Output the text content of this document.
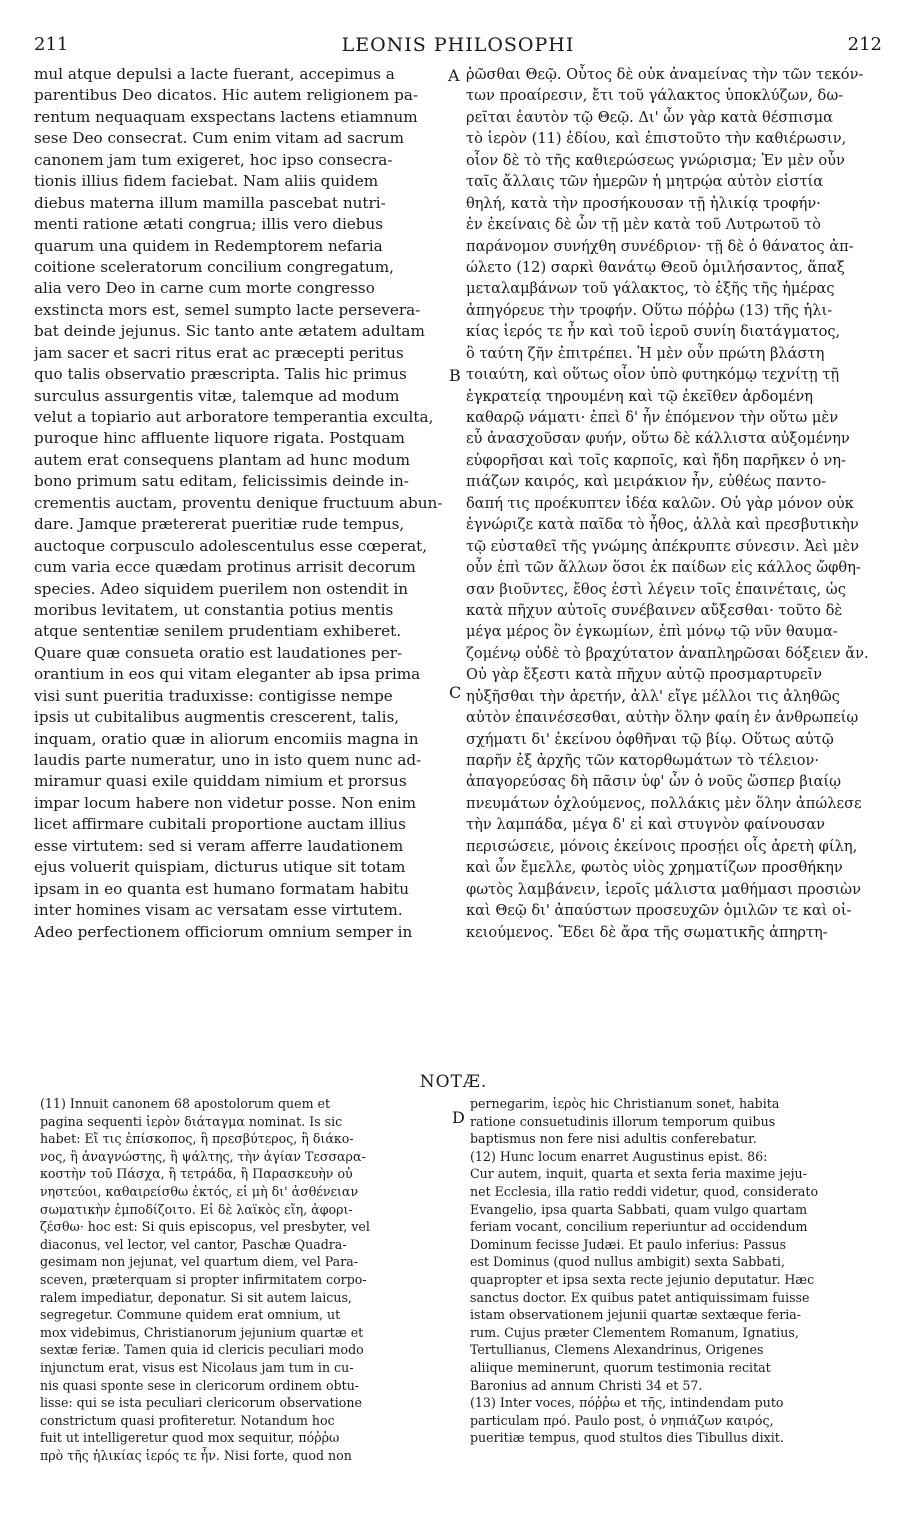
211	LEONIS PHILOSOPHI	212

mul atque depulsi a lacte fuerant, accepimus a

parentibus Deo dicatos. Hic autem religionem pa-

rentum nequaquam exspectans lactens etiamnum

sese Deo consecrat. Cum enim vitam ad sacrum

canonem jam tum exigeret, hoc ipso consecra-

tionis illius fidem faciebat. Nam aliis quidem

diebus materna illum mamilla pascebat nutri-

menti ratione ætati congrua; illis vero diebus

quarum una quidem in Redemptorem nefaria

coitione sceleratorum concilium congregatum,

alia vero Deo in carne cum morte congresso

exstincta mors est, semel sumpto lacte persevera-

bat deinde jejunus. Sic tanto ante ætatem adultam

jam sacer et sacri ritus erat ac præcepti peritus

quo talis observatio præscripta. Talis hic primus

surculus assurgentis vitæ, talemque ad modum

velut a topiario aut arboratore temperantia exculta,

puroque hinc affluente liquore rigata. Postquam

autem erat consequens plantam ad hunc modum

bono primum satu editam, felicissimis deinde in-

crementis auctam, proventu denique fructuum abun-

dare. Jamque prætererat pueritiæ rude tempus,

auctoque corpusculo adolescentulus esse cœperat,

cum varia ecce quædam protinus arrisit decorum

species. Adeo siquidem puerilem non ostendit in

moribus levitatem, ut constantia potius mentis

atque sententiæ senilem prudentiam exhiberet.

Quare quæ consueta oratio est laudationes per-

orantium in eos qui vitam eleganter ab ipsa prima

visi sunt pueritia traduxisse: contigisse nempe

ipsis ut cubitalibus augmentis crescerent, talis,

inquam, oratio quæ in aliorum encomiis magna in

laudis parte numeratur, uno in isto quem nunc ad-

miramur quasi exile quiddam nimium et prorsus

impar locum habere non videtur posse. Non enim

licet affirmare cubitali proportione auctam illius

esse virtutem: sed si veram afferre laudationem

ejus voluerit quispiam, dicturus utique sit totam

ipsam in eo quanta est humano formatam habitu

inter homines visam ac versatam esse virtutem.

Adeo perfectionem officiorum omnium semper in

A
B
C
D

ῥῶσθαι Θεῷ. Οὗτος δὲ οὐκ ἀναμείνας τὴν τῶν τεκόν-

των προαίρεσιν, ἔτι τοῦ γάλακτος ὑποκλύζων, δω-

ρεῖται ἑαυτὸν τῷ Θεῷ. Δι' ὧν γὰρ κατὰ θέσπισμα

τὸ ἱερὸν (11) ἐδίου, καὶ ἐπιστοῦτο τὴν καθιέρωσιν,

οἷον δὲ τὸ τῆς καθιερώσεως γνώρισμα; Ἐν μὲν οὖν

ταῖς ἄλλαις τῶν ἡμερῶν ἡ μητρῴα αὐτὸν εἱστία

θηλή, κατὰ τὴν προσήκουσαν τῇ ἡλικίᾳ τροφήν·

ἐν ἐκείναις δὲ ὧν τῇ μὲν κατὰ τοῦ Λυτρωτοῦ τὸ

παράνομον συνήχθη συνέδριον· τῇ δὲ ὁ θάνατος ἀπ-

ώλετο (12) σαρκὶ θανάτῳ Θεοῦ ὁμιλήσαντος, ἅπαξ

μεταλαμβάνων τοῦ γάλακτος, τὸ ἑξῆς τῆς ἡμέρας

ἀπηγόρευε τὴν τροφήν. Οὕτω πόῤῥω (13) τῆς ἡλι-

κίας ἱερός τε ἦν καὶ τοῦ ἱεροῦ συνίη διατάγματος,

ὃ ταύτη ζῆν ἐπιτρέπει. Ἡ μὲν οὖν πρώτη βλάστη

τοιαύτη, καὶ οὕτως οἷον ὑπὸ φυτηκόμῳ τεχνίτῃ τῇ

ἐγκρατείᾳ τηρουμένη καὶ τῷ ἐκεῖθεν ἀρδομένη

καθαρῷ νάματι· ἐπεὶ δ' ἦν ἑπόμενον τὴν οὕτω μὲν

εὖ ἀνασχοῦσαν φυήν, οὕτω δὲ κάλλιστα αὐξομένην

εὐφορῆσαι καὶ τοῖς καρποῖς, καὶ ἤδη παρῆκεν ὁ νη-

πιάζων καιρός, καὶ μειράκιον ἦν, εὐθέως παντο-

δαπή τις προέκυπτεν ἰδέα καλῶν. Οὐ γὰρ μόνον οὐκ

ἐγνώριζε κατὰ παῖδα τὸ ἦθος, ἀλλὰ καὶ πρεσβυτικὴν

τῷ εὐσταθεῖ τῆς γνώμης ἀπέκρυπτε σύνεσιν. Ἀεὶ μὲν

οὖν ἐπὶ τῶν ἄλλων ὅσοι ἐκ παίδων εἰς κάλλος ὤφθη-

σαν βιοῦντες, ἔθος ἐστὶ λέγειν τοῖς ἐπαινέταις, ὡς

κατὰ πῆχυν αὐτοῖς συνέβαινεν αὔξεσθαι· τοῦτο δὲ

μέγα μέρος ὂν ἐγκωμίων, ἐπὶ μόνῳ τῷ νῦν θαυμα-

ζομένῳ οὐδὲ τὸ βραχύτατον ἀναπληρῶσαι δόξειεν ἄν.

Οὐ γὰρ ἔξεστι κατὰ πῆχυν αὐτῷ προσμαρτυρεῖν

ηὐξῆσθαι τὴν ἀρετήν, ἀλλ' εἴγε μέλλοι τις ἀληθῶς

αὐτὸν ἐπαινέσεσθαι, αὐτὴν ὅλην φαίη ἐν ἀνθρωπείῳ

σχήματι δι' ἐκείνου ὀφθῆναι τῷ βίῳ. Οὕτως αὐτῷ

παρῆν ἐξ ἀρχῆς τῶν κατορθωμάτων τὸ τέλειον·

ἀπαγορεύσας δὴ πᾶσιν ὑφ' ὧν ὁ νοῦς ὥσπερ βιαίῳ

πνευμάτων ὀχλούμενος, πολλάκις μὲν ὅλην ἀπώλεσε

τὴν λαμπάδα, μέγα δ' εἰ καὶ στυγνὸν φαίνουσαν

περισώσειε, μόνοις ἐκείνοις προσῄει οἷς ἀρετὴ φίλη,

καὶ ὧν ἔμελλε, φωτὸς υἱὸς χρηματίζων προσθήκην

φωτὸς λαμβάνειν, ἱεροῖς μάλιστα μαθήμασι προσιὼν

καὶ Θεῷ δι' ἀπαύστων προσευχῶν ὁμιλῶν τε καὶ οἰ-

κειούμενος. Ἔδει δὲ ἄρα τῆς σωματικῆς ἀπηρτη-

NOTÆ.

(11) Innuit canonem 68 apostolorum quem et

pagina sequenti ἱερὸν διάταγμα nominat. Is sic

habet: Εἴ τις ἐπίσκοπος, ἢ πρεσβύτερος, ἢ διάκο-

νος, ἢ ἀναγνώστης, ἢ ψάλτης, τὴν ἁγίαν Τεσσαρα-

κοστὴν τοῦ Πάσχα, ἢ τετράδα, ἢ Παρασκευὴν οὐ

νηστεύοι, καθαιρείσθω ἐκτός, εἰ μὴ δι' ἀσθένειαν

σωματικὴν ἐμποδίζοιτο. Εἰ δὲ λαϊκὸς εἴη, ἀφορι-

ζέσθω· hoc est: Si quis episcopus, vel presbyter, vel

diaconus, vel lector, vel cantor, Paschæ Quadra-

gesimam non jejunat, vel quartum diem, vel Para-

sceven, præterquam si propter infirmitatem corpo-

ralem impediatur, deponatur. Si sit autem laicus,

segregetur. Commune quidem erat omnium, ut

mox videbimus, Christianorum jejunium quartæ et

sextæ feriæ. Tamen quia id clericis peculiari modo

injunctum erat, visus est Nicolaus jam tum in cu-

nis quasi sponte sese in clericorum ordinem obtu-

lisse: qui se ista peculiari clericorum observatione

constrictum quasi profiteretur. Notandum hoc

fuit ut intelligeretur quod mox sequitur, πόῤῥω

πρὸ τῆς ἡλικίας ἱερός τε ἦν. Nisi forte, quod non

pernegarim, ἱερὸς hic Christianum sonet, habita

ratione consuetudinis illorum temporum quibus

baptismus non fere nisi adultis conferebatur.

(12) Hunc locum enarret Augustinus epist. 86:

Cur autem, inquit, quarta et sexta feria maxime jeju-

net Ecclesia, illa ratio reddi videtur, quod, considerato

Evangelio, ipsa quarta Sabbati, quam vulgo quartam

feriam vocant, concilium reperiuntur ad occidendum

Dominum fecisse Judæi. Et paulo inferius: Passus

est Dominus (quod nullus ambigit) sexta Sabbati,

quapropter et ipsa sexta recte jejunio deputatur. Hæc

sanctus doctor. Ex quibus patet antiquissimam fuisse

istam observationem jejunii quartæ sextæque feria-

rum. Cujus præter Clementem Romanum, Ignatius,

Tertullianus, Clemens Alexandrinus, Origenes

aliique meminerunt, quorum testimonia recitat

Baronius ad annum Christi 34 et 57.

(13) Inter voces, πόῤῥω et τῆς, intindendam puto

particulam πρό. Paulo post, ὁ νηπιάζων καιρός,

pueritiæ tempus, quod stultos dies Tibullus dixit.
